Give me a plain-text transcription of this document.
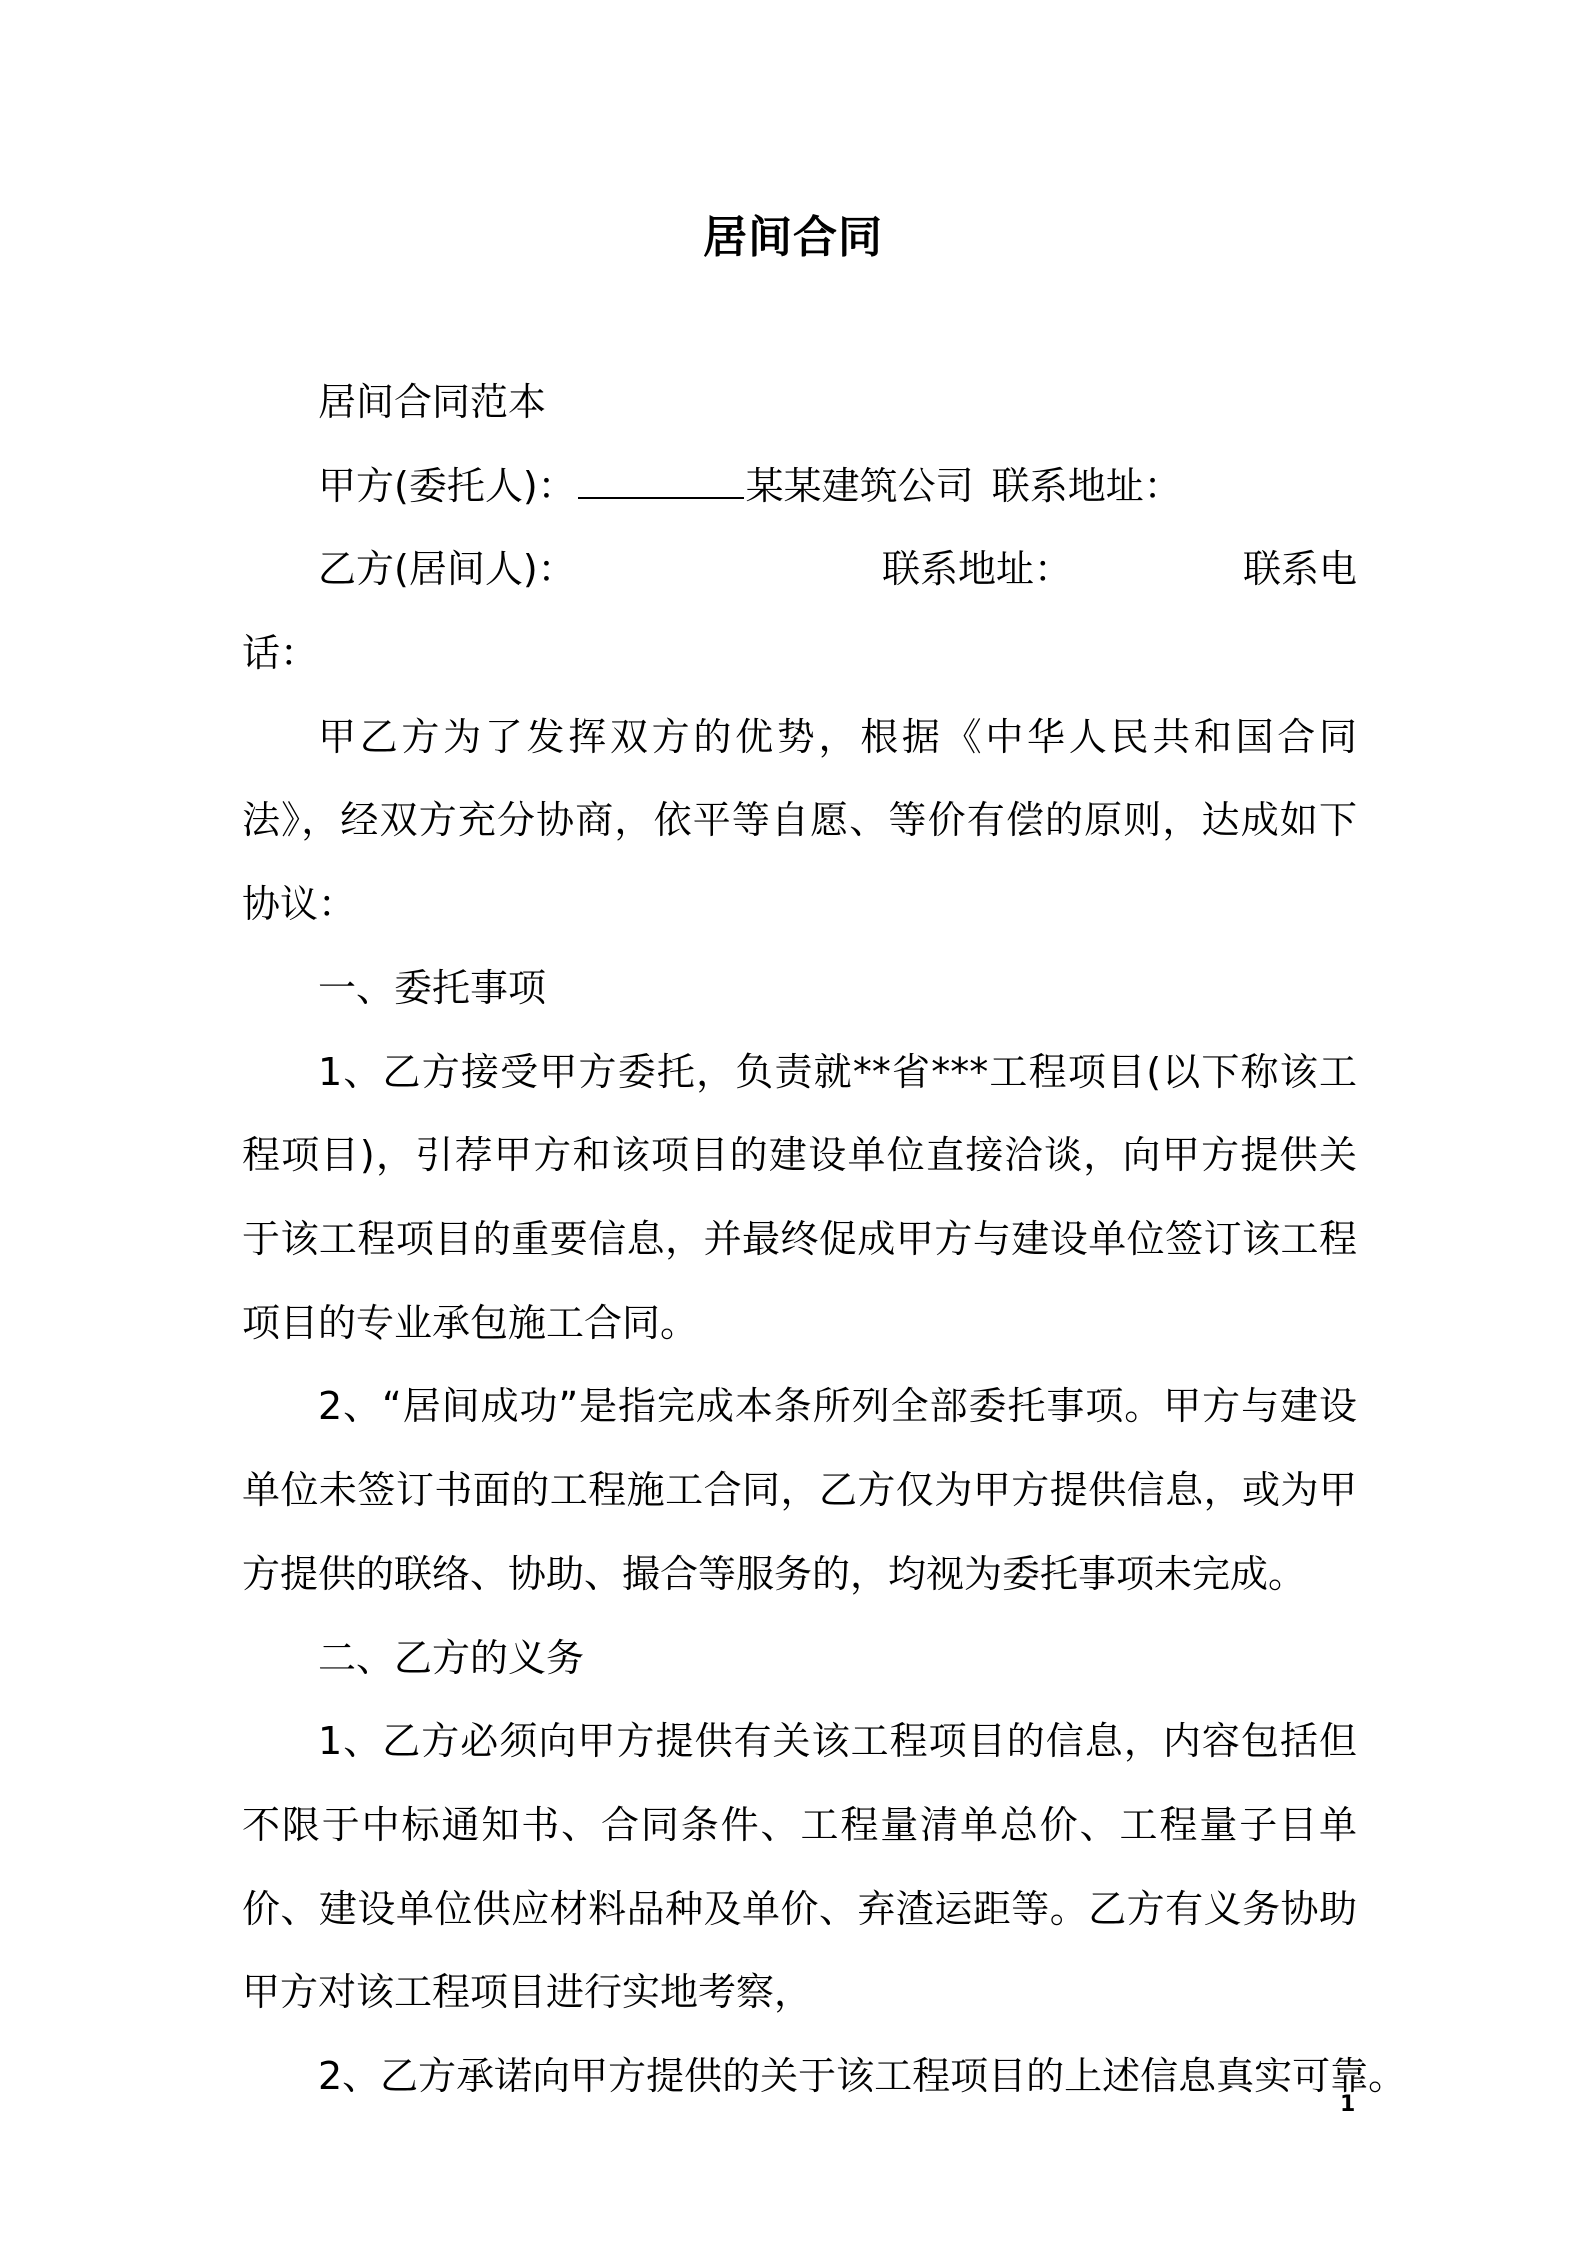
居间合同

居间合同范本

甲方(委托人)：	某某建筑公司 联系地址：
乙方(居间人)：	联系地址：	联系电
话：

甲乙方为了发挥双方的优势，根据《中华人民共和国合同法》，经双方充分协商，依平等自愿、等价有偿的原则，达成如下协议：

一、委托事项

1、乙方接受甲方委托，负责就**省***工程项目(以下称该工程项目)，引荐甲方和该项目的建设单位直接洽谈，向甲方提供关于该工程项目的重要信息，并最终促成甲方与建设单位签订该工程项目的专业承包施工合同。

2、“居间成功”是指完成本条所列全部委托事项。甲方与建设单位未签订书面的工程施工合同，乙方仅为甲方提供信息，或为甲方提供的联络、协助、撮合等服务的，均视为委托事项未完成。

二、乙方的义务

1、乙方必须向甲方提供有关该工程项目的信息，内容包括但不限于中标通知书、合同条件、工程量清单总价、工程量子目单价、建设单位供应材料品种及单价、弃渣运距等。乙方有义务协助甲方对该工程项目进行实地考察，

2、乙方承诺向甲方提供的关于该工程项目的上述信息真实可靠。

1
